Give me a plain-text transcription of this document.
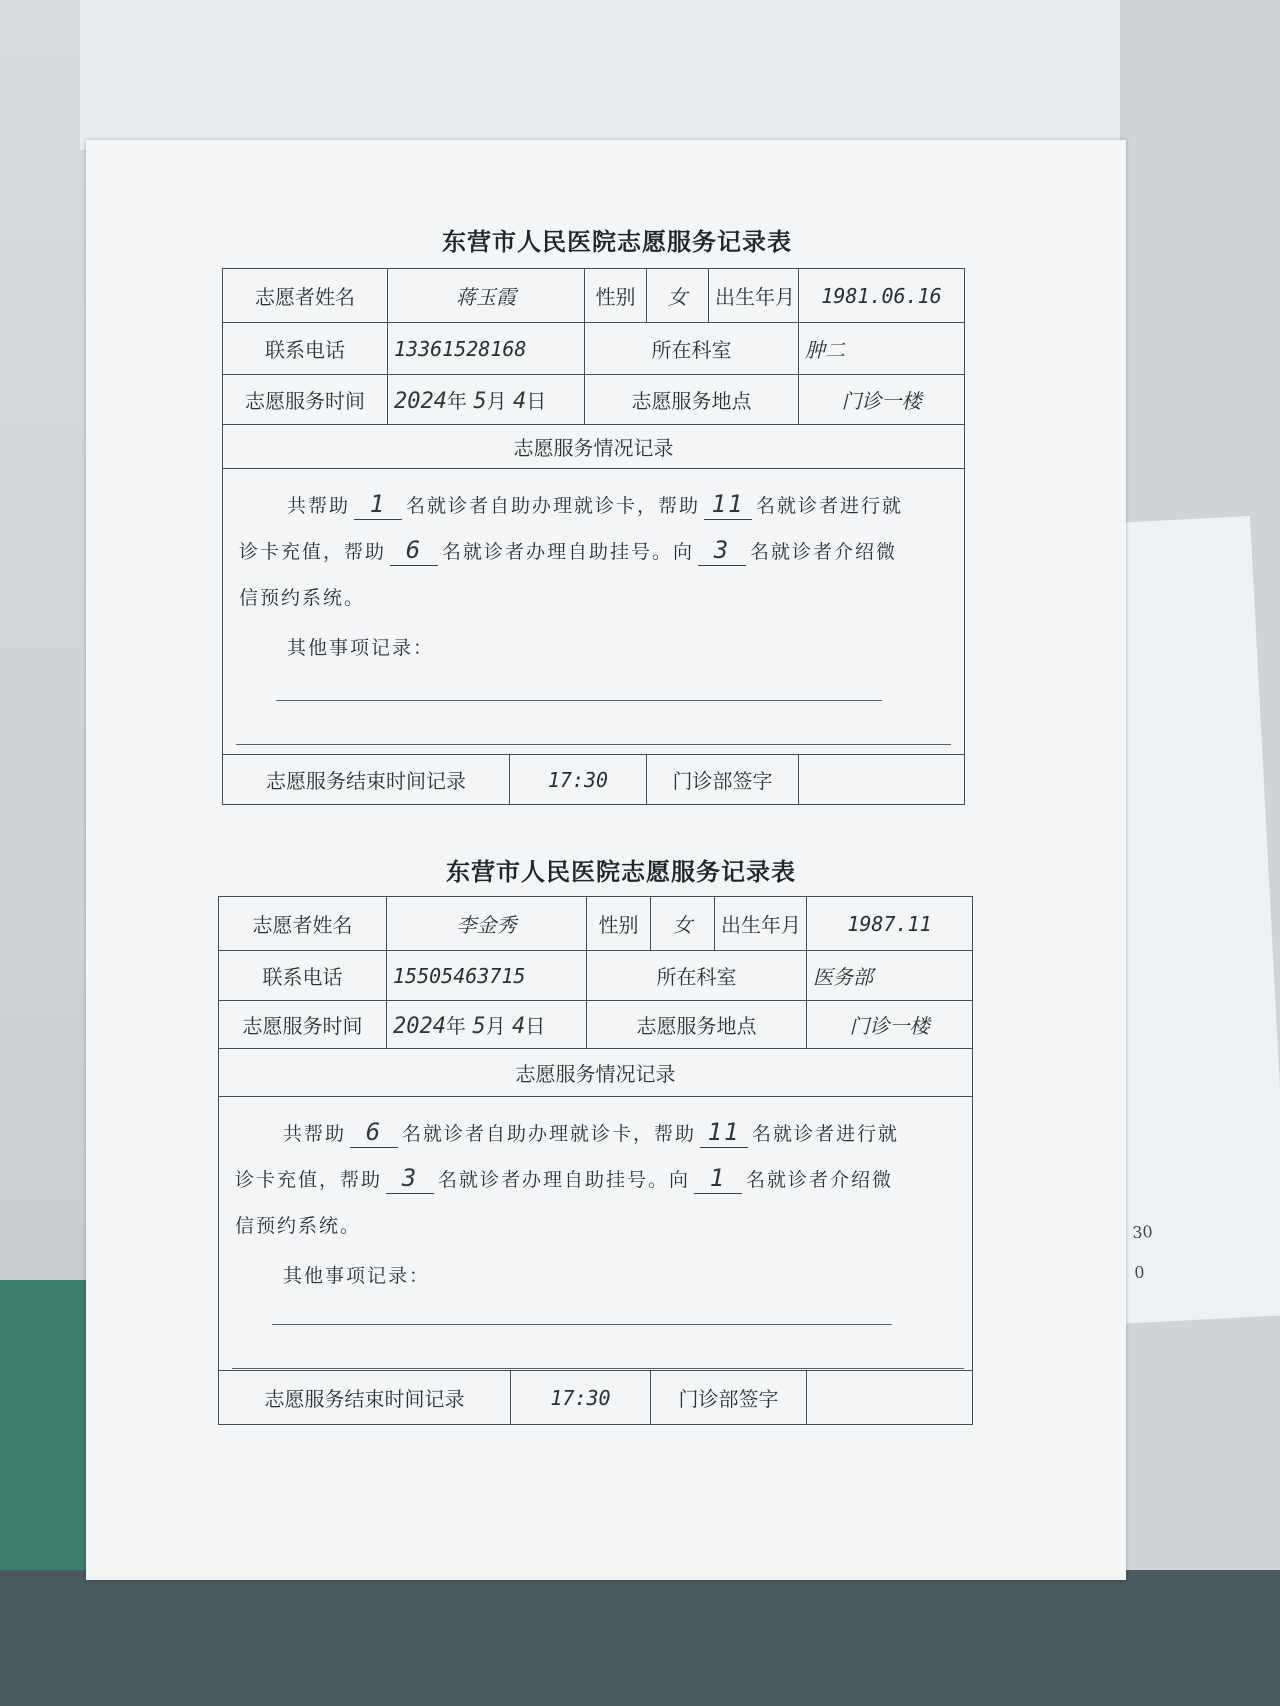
30
0
东营市人民医院志愿服务记录表
志愿者姓名	蒋玉霞		性别	女	出生年月	1981.06.16
联系电话	13361528168		所在科室			肿二
志愿服务时间	2024年 5月 4日		志愿服务地点			门诊一楼
志愿服务情况记录						

共帮助 1 名就诊者自助办理就诊卡，帮助 11 名就诊者进行就
诊卡充值，帮助 6 名就诊者办理自助挂号。向 3 名就诊者介绍微
信预约系统。
其他事项记录：						

志愿服务结束时间记录		17:30		门诊部签字		
东营市人民医院志愿服务记录表
志愿者姓名	李金秀		性别	女	出生年月	1987.11
联系电话	15505463715		所在科室			医务部
志愿服务时间	2024年 5月 4日		志愿服务地点			门诊一楼
志愿服务情况记录						

共帮助 6 名就诊者自助办理就诊卡，帮助 11 名就诊者进行就
诊卡充值，帮助 3 名就诊者办理自助挂号。向 1 名就诊者介绍微
信预约系统。
其他事项记录：						

志愿服务结束时间记录		17:30		门诊部签字		
